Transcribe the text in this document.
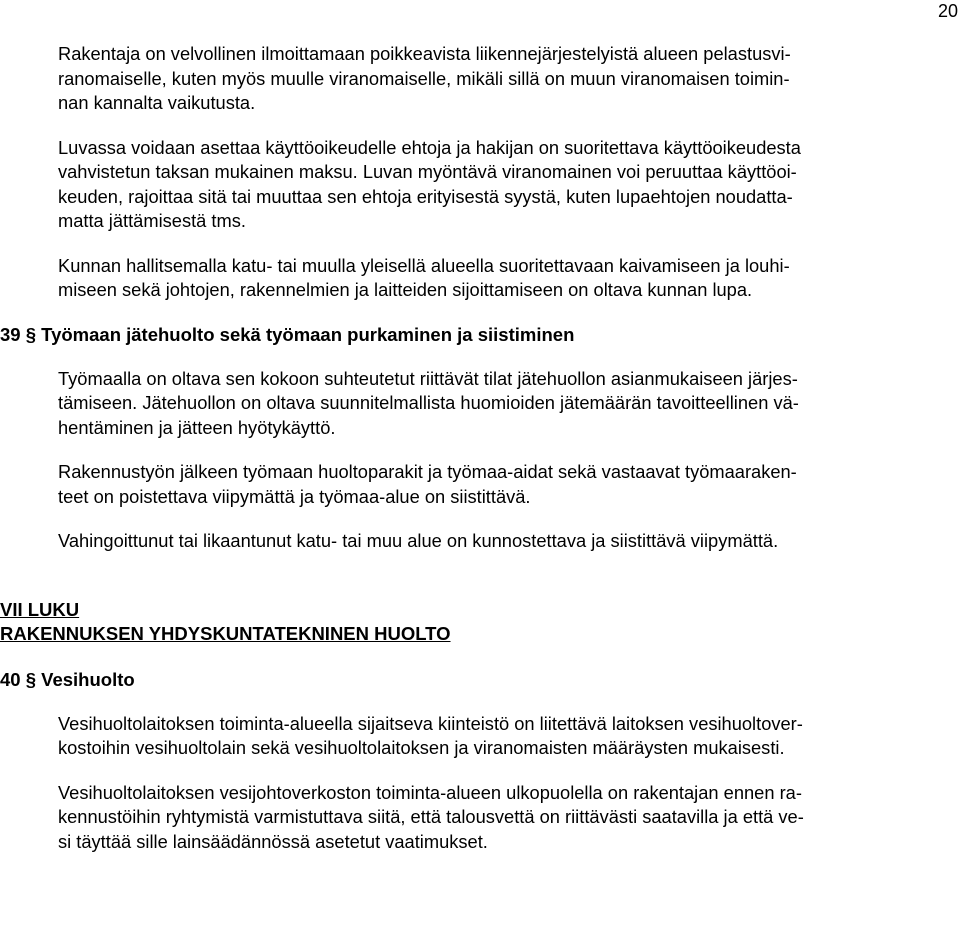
20

Rakentaja on velvollinen ilmoittamaan poikkeavista liikennejärjestelyistä alueen pelastusvi-
ranomaiselle, kuten myös muulle viranomaiselle, mikäli sillä on muun viranomaisen toimin-
nan kannalta vaikutusta.

Luvassa voidaan asettaa käyttöoikeudelle ehtoja ja hakijan on suoritettava käyttöoikeudesta
vahvistetun taksan mukainen maksu. Luvan myöntävä viranomainen voi peruuttaa käyttöoi-
keuden, rajoittaa sitä tai muuttaa sen ehtoja erityisestä syystä, kuten lupaehtojen noudatta-
matta jättämisestä tms.

Kunnan hallitsemalla katu- tai muulla yleisellä alueella suoritettavaan kaivamiseen ja louhi-
miseen sekä johtojen, rakennelmien ja laitteiden sijoittamiseen on oltava kunnan lupa.

39 § Työmaan jätehuolto sekä työmaan purkaminen ja siistiminen

Työmaalla on oltava sen kokoon suhteutetut riittävät tilat jätehuollon asianmukaiseen järjes-
tämiseen. Jätehuollon on oltava suunnitelmallista huomioiden jätemäärän tavoitteellinen vä-
hentäminen ja jätteen hyötykäyttö.

Rakennustyön jälkeen työmaan huoltoparakit ja työmaa-aidat sekä vastaavat työmaaraken-
teet on poistettava viipymättä ja työmaa-alue on siistittävä.

Vahingoittunut tai likaantunut katu- tai muu alue on kunnostettava ja siistittävä viipymättä.

VII LUKU
RAKENNUKSEN YHDYSKUNTATEKNINEN HUOLTO
40 § Vesihuolto

Vesihuoltolaitoksen toiminta-alueella sijaitseva kiinteistö on liitettävä laitoksen vesihuoltover-
kostoihin vesihuoltolain sekä vesihuoltolaitoksen ja viranomaisten määräysten mukaisesti.

Vesihuoltolaitoksen vesijohtoverkoston toiminta-alueen ulkopuolella on rakentajan ennen ra-
kennustöihin ryhtymistä varmistuttava siitä, että talousvettä on riittävästi saatavilla ja että ve-
si täyttää sille lainsäädännössä asetetut vaatimukset.
